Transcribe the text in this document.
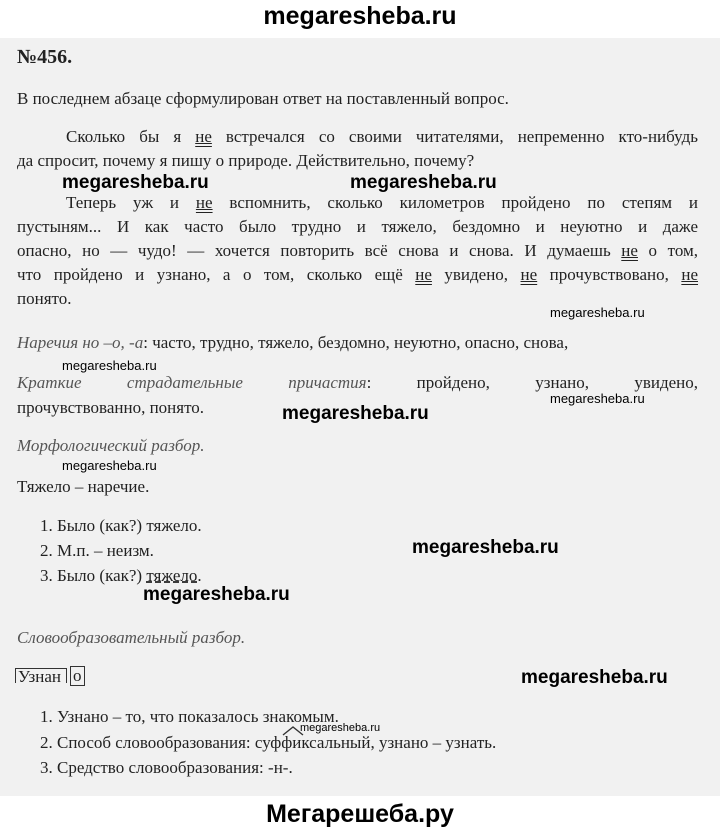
megaresheba.ru
№456.
В последнем абзаце сформулирован ответ на поставленный вопрос.
Сколько бы я не встречался со своими читателями, непременно кто-нибудь
да спросит, почему я пишу о природе. Действительно, почему?
Теперь уж и не вспомнить, сколько километров пройдено по степям и
пустыням... И как часто было трудно и тяжело, бездомно и неуютно и даже
опасно, но — чудо! — хочется повторить всё снова и снова. И думаешь не о том,
что пройдено и узнано, а о том, сколько ещё не увидено, не прочувствовано, не
понято.
Наречия но –о, -а: часто, трудно, тяжело, бездомно, неуютно, опасно, снова,
Краткие страдательные причастия: пройдено, узнано, увидено,
прочувствованно, понято.
Морфологический разбор.
Тяжело – наречие.
1. Было (как?) тяжело.
2. М.п. – неизм.
3. Было (как?) тяжело.
Словообразовательный разбор.
Узнан о
1. Узнано – то, что показалось знакомым.
2. Способ словообразования: суффиксальный, узнано – узнать.
3. Средство словообразования: -н-.
megaresheba.ru	megaresheba.ru
megaresheba.ru
megaresheba.ru
megaresheba.ru
megaresheba.ru
megaresheba.ru
megaresheba.ru
megaresheba.ru
megaresheba.ru
megaresheba.ru
Мегарешеба.ру
